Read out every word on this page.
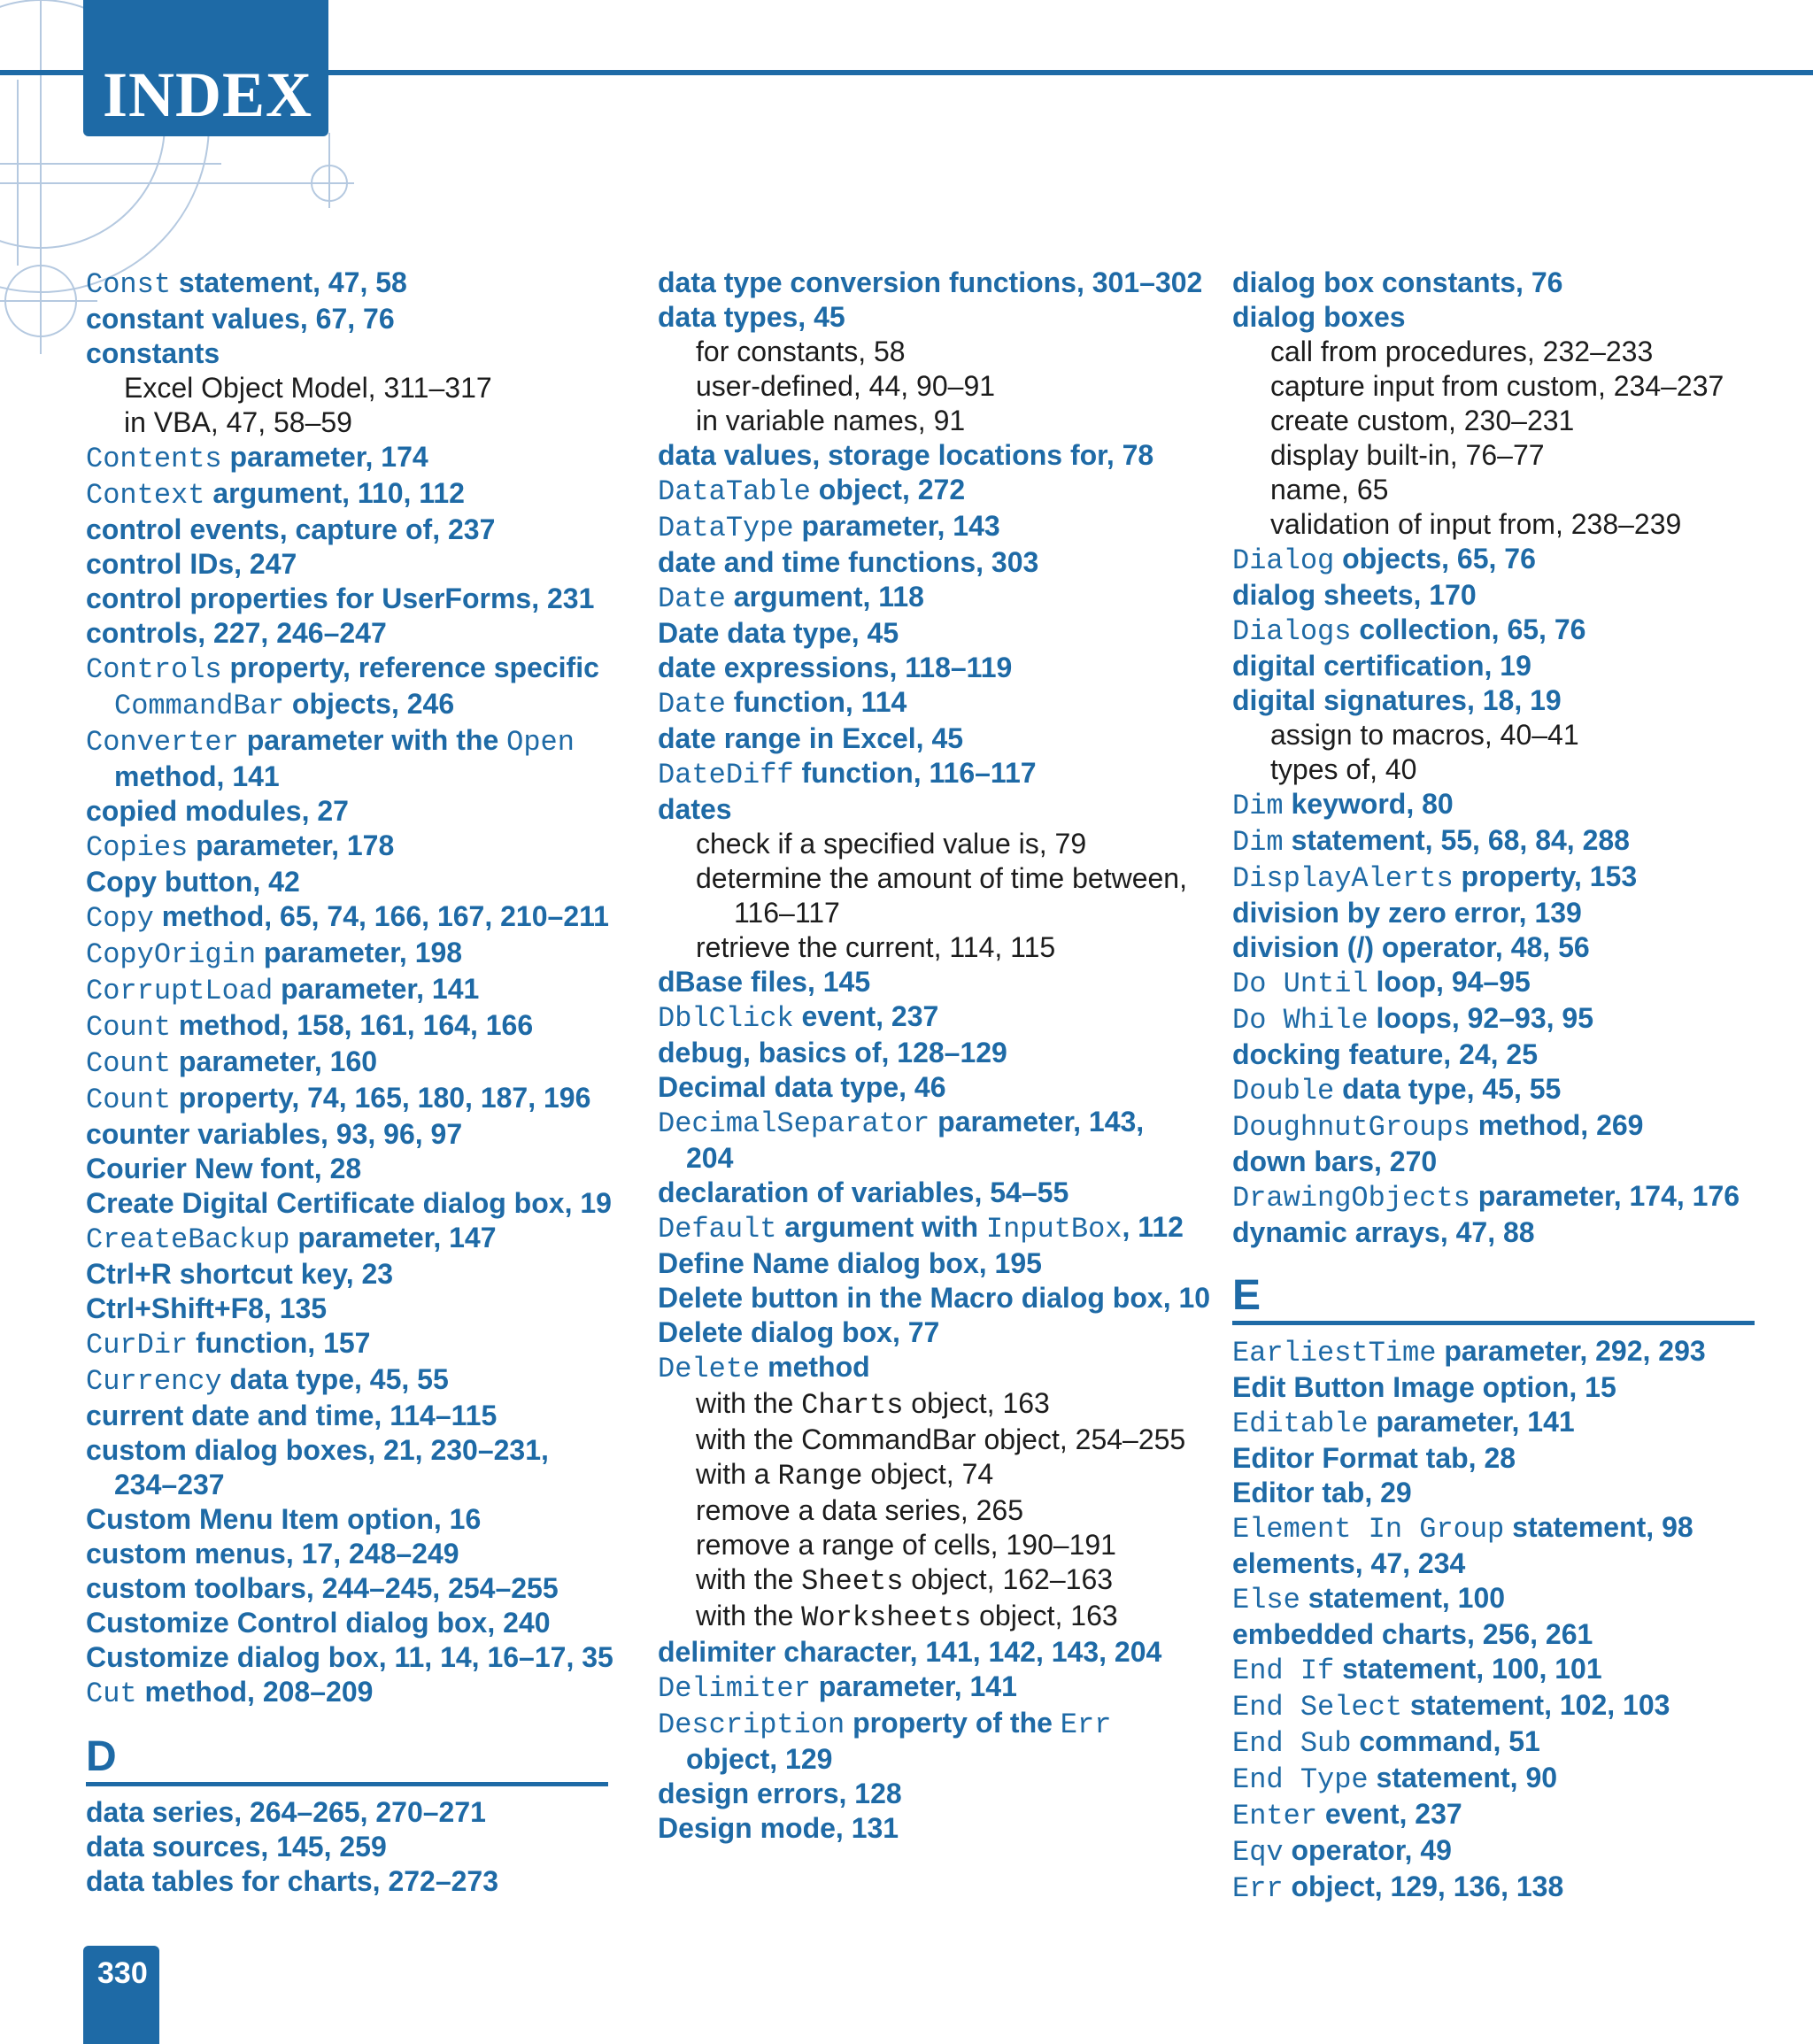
INDEX
Const statement, 47, 58
constant values, 67, 76
constants
Excel Object Model, 311–317
in VBA, 47, 58–59
Contents parameter, 174
Context argument, 110, 112
control events, capture of, 237
control IDs, 247
control properties for UserForms, 231
controls, 227, 246–247
Controls property, reference specific CommandBar objects, 246
Converter parameter with the Open method, 141
copied modules, 27
Copies parameter, 178
Copy button, 42
Copy method, 65, 74, 166, 167, 210–211
CopyOrigin parameter, 198
CorruptLoad parameter, 141
Count method, 158, 161, 164, 166
Count parameter, 160
Count property, 74, 165, 180, 187, 196
counter variables, 93, 96, 97
Courier New font, 28
Create Digital Certificate dialog box, 19
CreateBackup parameter, 147
Ctrl+R shortcut key, 23
Ctrl+Shift+F8, 135
CurDir function, 157
Currency data type, 45, 55
current date and time, 114–115
custom dialog boxes, 21, 230–231, 234–237
Custom Menu Item option, 16
custom menus, 17, 248–249
custom toolbars, 244–245, 254–255
Customize Control dialog box, 240
Customize dialog box, 11, 14, 16–17, 35
Cut method, 208–209
D
data series, 264–265, 270–271
data sources, 145, 259
data tables for charts, 272–273
data type conversion functions, 301–302
data types, 45
for constants, 58
user-defined, 44, 90–91
in variable names, 91
data values, storage locations for, 78
DataTable object, 272
DataType parameter, 143
date and time functions, 303
Date argument, 118
Date data type, 45
date expressions, 118–119
Date function, 114
date range in Excel, 45
DateDiff function, 116–117
dates
check if a specified value is, 79
determine the amount of time between, 116–117
retrieve the current, 114, 115
dBase files, 145
DblClick event, 237
debug, basics of, 128–129
Decimal data type, 46
DecimalSeparator parameter, 143, 204
declaration of variables, 54–55
Default argument with InputBox, 112
Define Name dialog box, 195
Delete button in the Macro dialog box, 10
Delete dialog box, 77
Delete method
with the Charts object, 163
with the CommandBar object, 254–255
with a Range object, 74
remove a data series, 265
remove a range of cells, 190–191
with the Sheets object, 162–163
with the Worksheets object, 163
delimiter character, 141, 142, 143, 204
Delimiter parameter, 141
Description property of the Err object, 129
design errors, 128
Design mode, 131
dialog box constants, 76
dialog boxes
call from procedures, 232–233
capture input from custom, 234–237
create custom, 230–231
display built-in, 76–77
name, 65
validation of input from, 238–239
Dialog objects, 65, 76
dialog sheets, 170
Dialogs collection, 65, 76
digital certification, 19
digital signatures, 18, 19
assign to macros, 40–41
types of, 40
Dim keyword, 80
Dim statement, 55, 68, 84, 288
DisplayAlerts property, 153
division by zero error, 139
division (/) operator, 48, 56
Do Until loop, 94–95
Do While loops, 92–93, 95
docking feature, 24, 25
Double data type, 45, 55
DoughnutGroups method, 269
down bars, 270
DrawingObjects parameter, 174, 176
dynamic arrays, 47, 88
E
EarliestTime parameter, 292, 293
Edit Button Image option, 15
Editable parameter, 141
Editor Format tab, 28
Editor tab, 29
Element In Group statement, 98
elements, 47, 234
Else statement, 100
embedded charts, 256, 261
End If statement, 100, 101
End Select statement, 102, 103
End Sub command, 51
End Type statement, 90
Enter event, 237
Eqv operator, 49
Err object, 129, 136, 138
330
